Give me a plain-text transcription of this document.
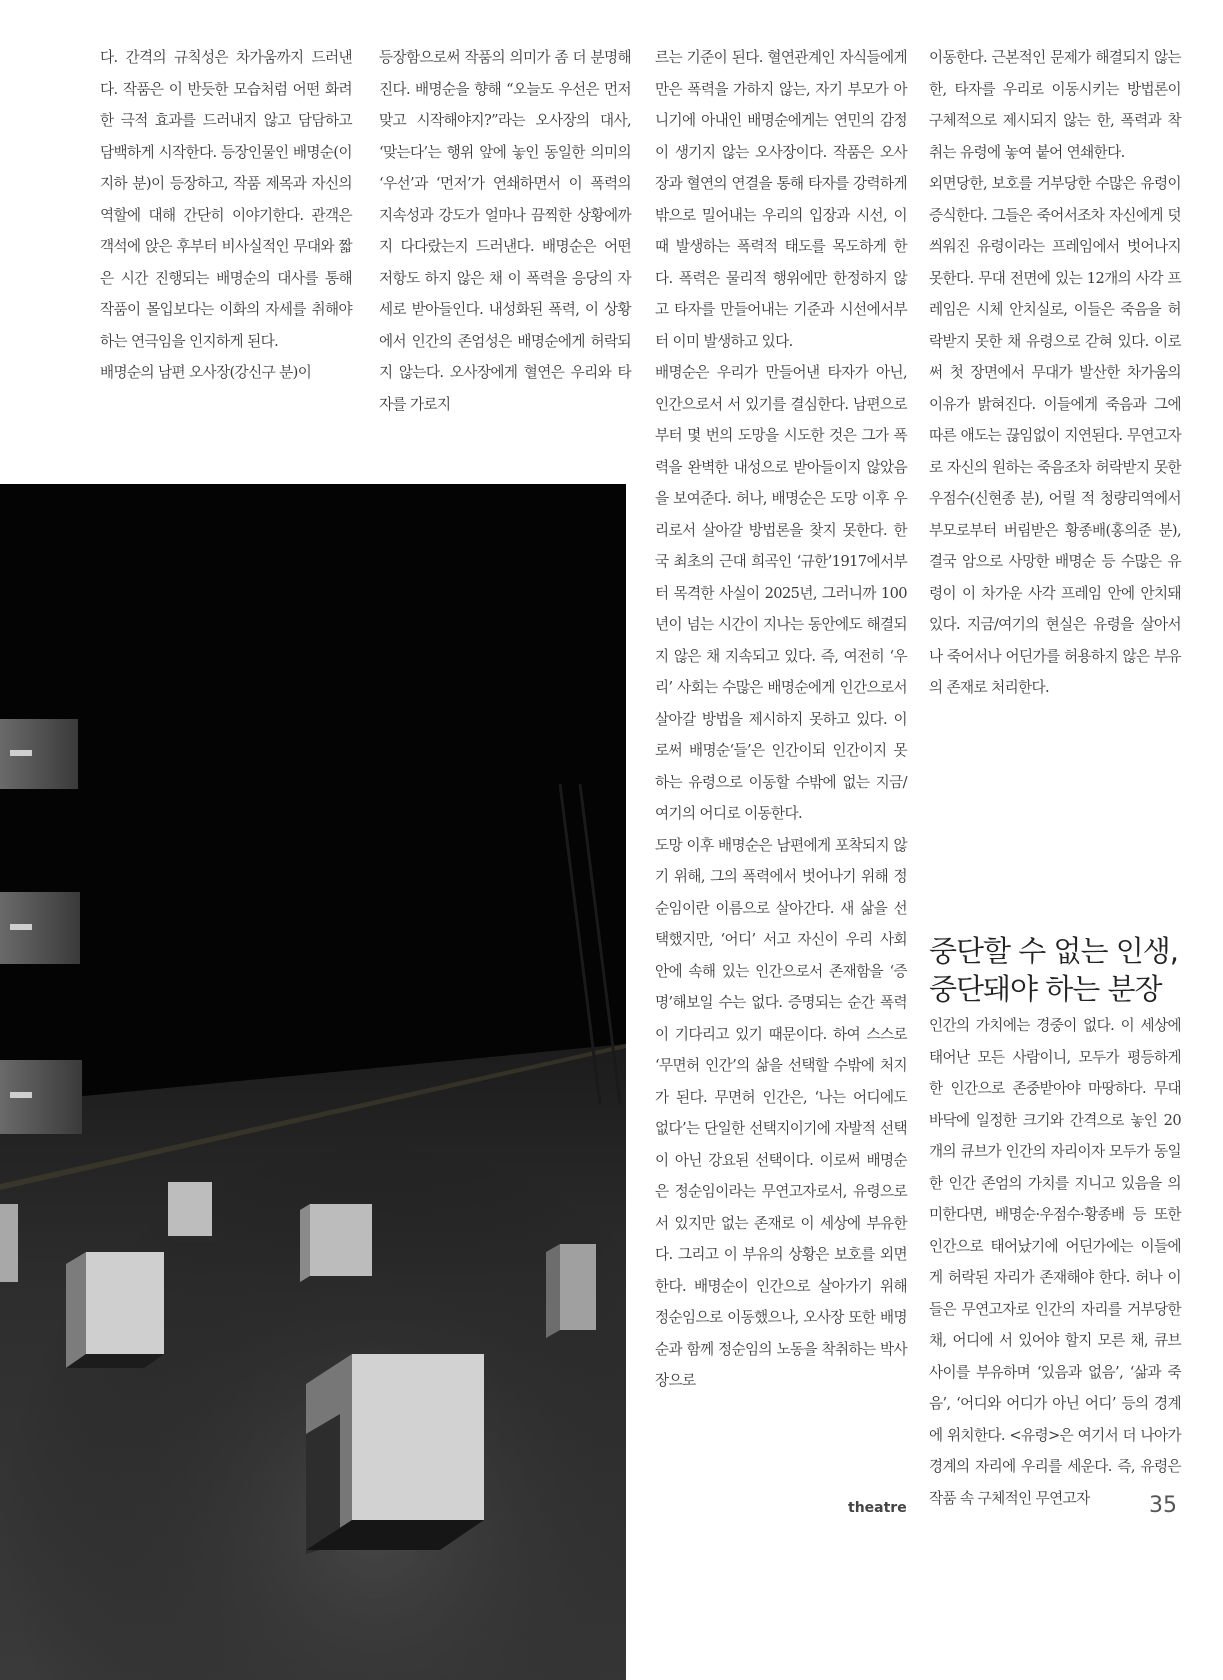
다. 간격의 규칙성은 차가움까지 드러낸다. 작품은 이 반듯한 모습처럼 어떤 화려한 극적 효과를 드러내지 않고 담담하고 담백하게 시작한다. 등장인물인 배명순(이지하 분)이 등장하고, 작품 제목과 자신의 역할에 대해 간단히 이야기한다. 관객은 객석에 앉은 후부터 비사실적인 무대와 짧은 시간 진행되는 배명순의 대사를 통해 작품이 몰입보다는 이화의 자세를 취해야 하는 연극임을 인지하게 된다.

배명순의 남편 오사장(강신구 분)이

등장함으로써 작품의 의미가 좀 더 분명해진다. 배명순을 향해 “오늘도 우선은 먼저 맞고 시작해야지?”라는 오사장의 대사, ‘맞는다’는 행위 앞에 놓인 동일한 의미의 ‘우선’과 ‘먼저’가 연쇄하면서 이 폭력의 지속성과 강도가 얼마나 끔찍한 상황에까지 다다랐는지 드러낸다. 배명순은 어떤 저항도 하지 않은 채 이 폭력을 응당의 자세로 받아들인다. 내성화된 폭력, 이 상황에서 인간의 존엄성은 배명순에게 허락되지 않는다. 오사장에게 혈연은 우리와 타자를 가로지

르는 기준이 된다. 혈연관계인 자식들에게만은 폭력을 가하지 않는, 자기 부모가 아니기에 아내인 배명순에게는 연민의 감정이 생기지 않는 오사장이다. 작품은 오사장과 혈연의 연결을 통해 타자를 강력하게 밖으로 밀어내는 우리의 입장과 시선, 이때 발생하는 폭력적 태도를 목도하게 한다. 폭력은 물리적 행위에만 한정하지 않고 타자를 만들어내는 기준과 시선에서부터 이미 발생하고 있다.

배명순은 우리가 만들어낸 타자가 아닌, 인간으로서 서 있기를 결심한다. 남편으로부터 몇 번의 도망을 시도한 것은 그가 폭력을 완벽한 내성으로 받아들이지 않았음을 보여준다. 허나, 배명순은 도망 이후 우리로서 살아갈 방법론을 찾지 못한다. 한국 최초의 근대 희곡인 ‘규한’1917에서부터 목격한 사실이 2025년, 그러니까 100년이 넘는 시간이 지나는 동안에도 해결되지 않은 채 지속되고 있다. 즉, 여전히 ‘우리’ 사회는 수많은 배명순에게 인간으로서 살아갈 방법을 제시하지 못하고 있다. 이로써 배명순‘들’은 인간이되 인간이지 못하는 유령으로 이동할 수밖에 없는 지금/여기의 어디로 이동한다.

도망 이후 배명순은 남편에게 포착되지 않기 위해, 그의 폭력에서 벗어나기 위해 정순임이란 이름으로 살아간다. 새 삶을 선택했지만, ‘어디’ 서고 자신이 우리 사회 안에 속해 있는 인간으로서 존재함을 ‘증명’해보일 수는 없다. 증명되는 순간 폭력이 기다리고 있기 때문이다. 하여 스스로 ‘무면허 인간’의 삶을 선택할 수밖에 처지가 된다. 무면허 인간은, ‘나는 어디에도 없다’는 단일한 선택지이기에 자발적 선택이 아닌 강요된 선택이다. 이로써 배명순은 정순임이라는 무연고자로서, 유령으로서 있지만 없는 존재로 이 세상에 부유한다. 그리고 이 부유의 상황은 보호를 외면한다. 배명순이 인간으로 살아가기 위해 정순임으로 이동했으나, 오사장 또한 배명순과 함께 정순임의 노동을 착취하는 박사장으로

이동한다. 근본적인 문제가 해결되지 않는 한, 타자를 우리로 이동시키는 방법론이 구체적으로 제시되지 않는 한, 폭력과 착취는 유령에 놓여 붙어 연쇄한다.

외면당한, 보호를 거부당한 수많은 유령이 증식한다. 그들은 죽어서조차 자신에게 덧씌워진 유령이라는 프레임에서 벗어나지 못한다. 무대 전면에 있는 12개의 사각 프레임은 시체 안치실로, 이들은 죽음을 허락받지 못한 채 유령으로 갇혀 있다. 이로써 첫 장면에서 무대가 발산한 차가움의 이유가 밝혀진다. 이들에게 죽음과 그에 따른 애도는 끊임없이 지연된다. 무연고자로 자신의 원하는 죽음조차 허락받지 못한 우점수(신현종 분), 어릴 적 청량리역에서 부모로부터 버림받은 황종배(홍의준 분), 결국 암으로 사망한 배명순 등 수많은 유령이 이 차가운 사각 프레임 안에 안치돼 있다. 지금/여기의 현실은 유령을 살아서나 죽어서나 어딘가를 허용하지 않은 부유의 존재로 처리한다.

중단할 수 없는 인생,
중단돼야 하는 분장

인간의 가치에는 경중이 없다. 이 세상에 태어난 모든 사람이니, 모두가 평등하게 한 인간으로 존중받아야 마땅하다. 무대 바닥에 일정한 크기와 간격으로 놓인 20개의 큐브가 인간의 자리이자 모두가 동일한 인간 존엄의 가치를 지니고 있음을 의미한다면, 배명순·우점수·황종배 등 또한 인간으로 태어났기에 어딘가에는 이들에게 허락된 자리가 존재해야 한다. 허나 이들은 무연고자로 인간의 자리를 거부당한 채, 어디에 서 있어야 할지 모른 채, 큐브 사이를 부유하며 ‘있음과 없음’, ‘삶과 죽음’, ‘어디와 어디가 아닌 어디’ 등의 경계에 위치한다. <유령>은 여기서 더 나아가 경계의 자리에 우리를 세운다. 즉, 유령은 작품 속 구체적인 무연고자

theatre	35
